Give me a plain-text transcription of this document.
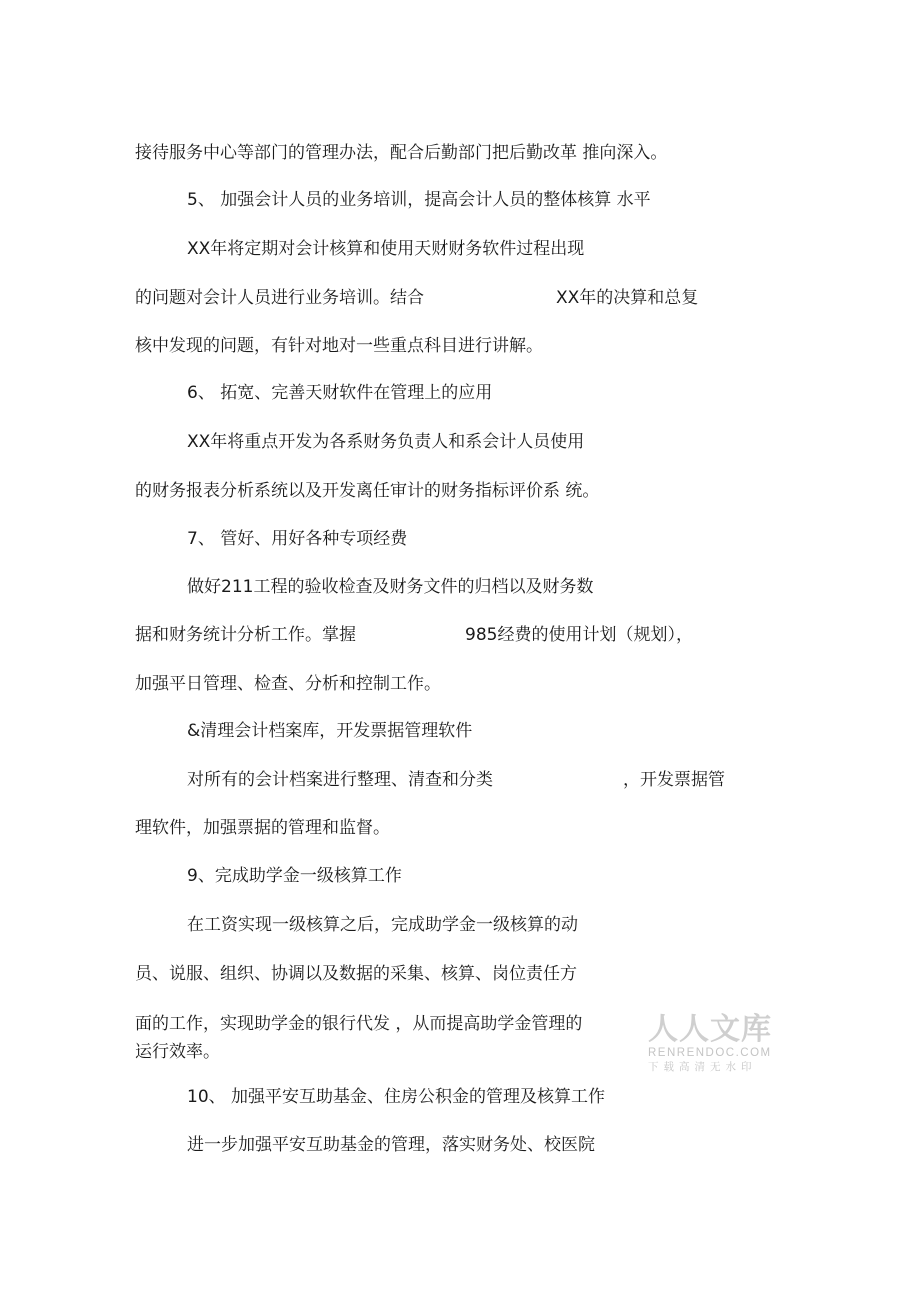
接待服务中心等部门的管理办法，配合后勤部门把后勤改革 推向深入。
5、 加强会计人员的业务培训，提高会计人员的整体核算 水平
XX年将定期对会计核算和使用天财财务软件过程出现
的问题对会计人员进行业务培训。结合	XX年的决算和总复
核中发现的问题，有针对地对一些重点科目进行讲解。
6、 拓宽、完善天财软件在管理上的应用
XX年将重点开发为各系财务负责人和系会计人员使用
的财务报表分析系统以及开发离任审计的财务指标评价系 统。
7、 管好、用好各种专项经费
做好211工程的验收检查及财务文件的归档以及财务数
据和财务统计分析工作。掌握	985经费的使用计划（规划），
加强平日管理、检查、分析和控制工作。
&清理会计档案库，开发票据管理软件
对所有的会计档案进行整理、清查和分类	，开发票据管
理软件，加强票据的管理和监督。
9、完成助学金一级核算工作
在工资实现一级核算之后，完成助学金一级核算的动
员、说服、组织、协调以及数据的采集、核算、岗位责任方
面的工作，实现助学金的银行代发 ，从而提高助学金管理的
运行效率。
10、 加强平安互助基金、住房公积金的管理及核算工作
进一步加强平安互助基金的管理，落实财务处、校医院
人人文库
RENRENDOC.COM
下载高清无水印
